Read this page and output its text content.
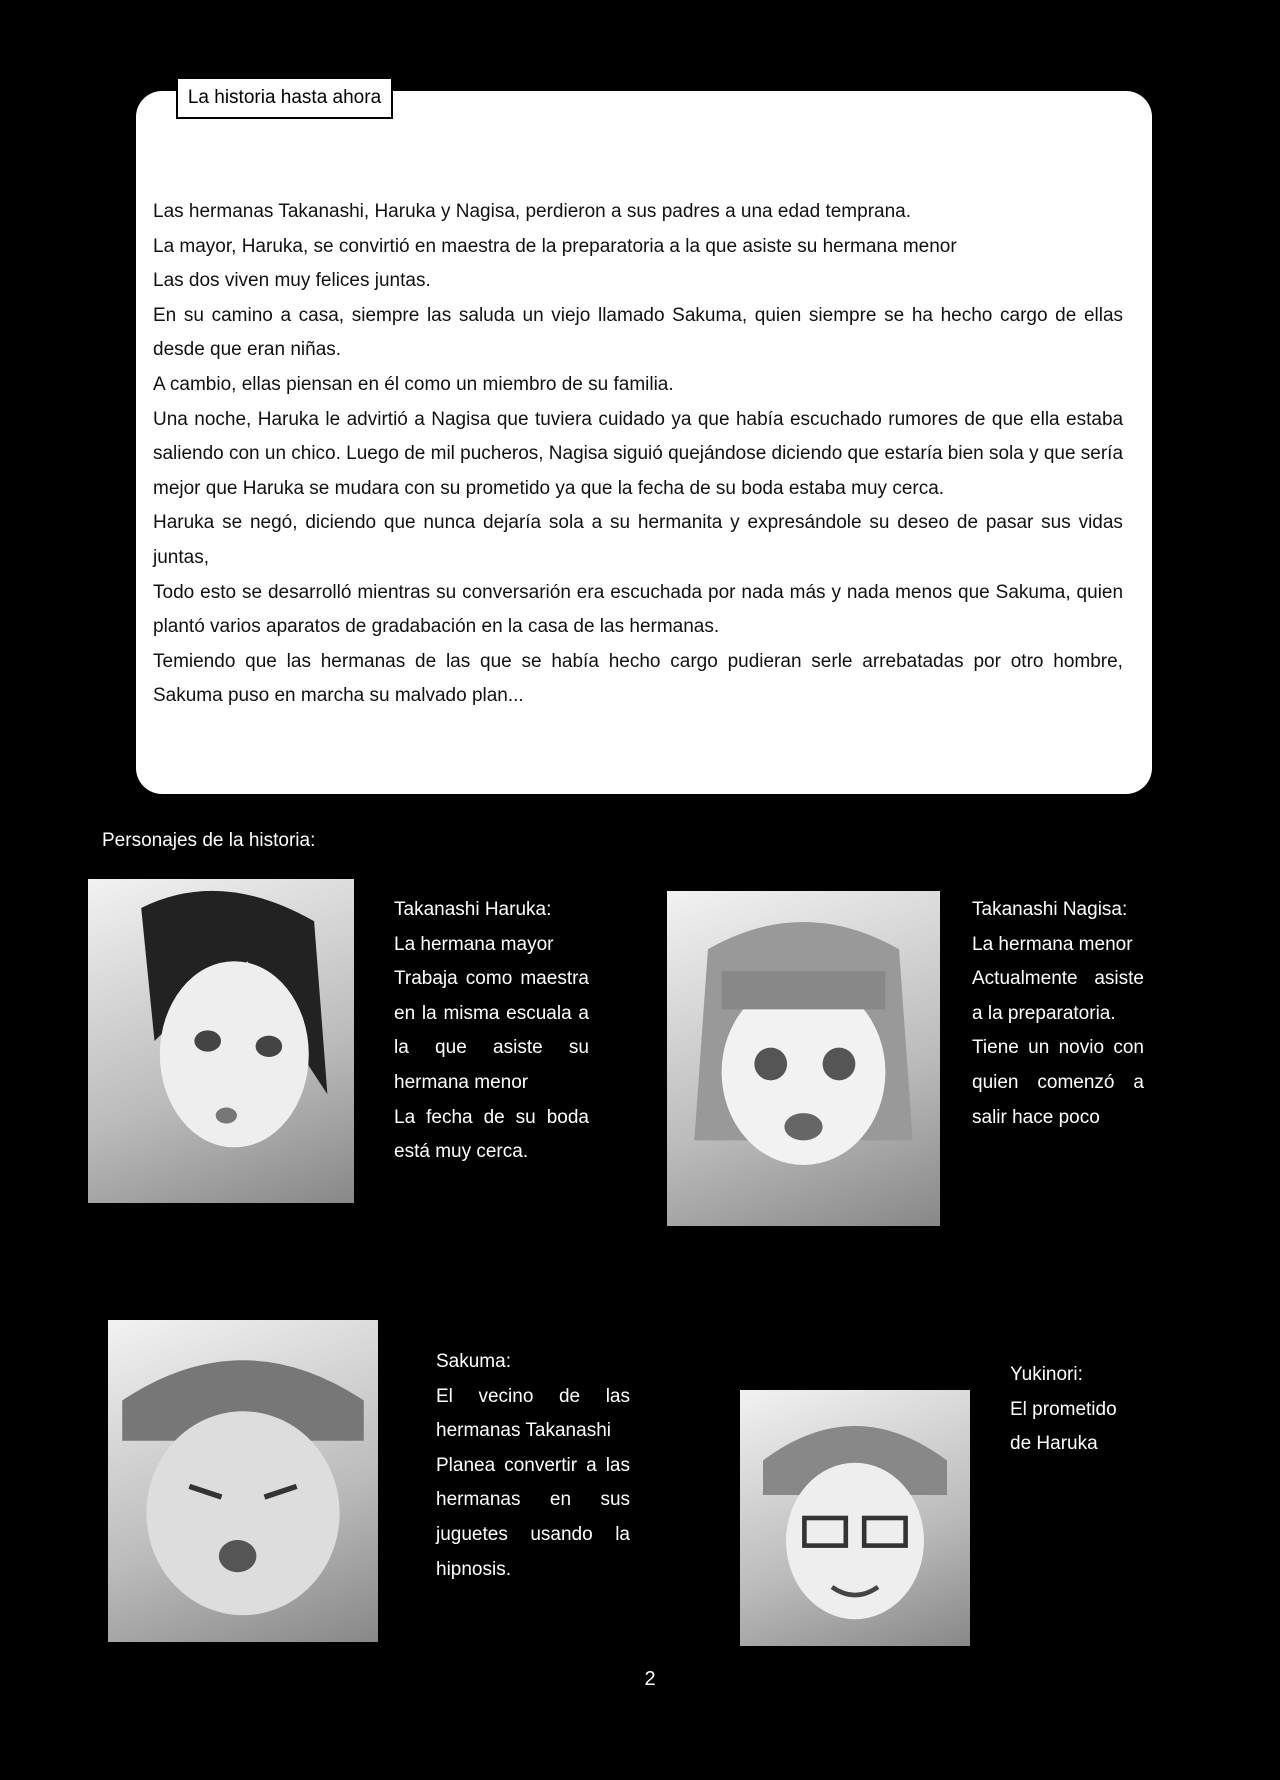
La historia hasta ahora
Las hermanas Takanashi, Haruka y Nagisa, perdieron a sus padres a una edad temprana.
La mayor, Haruka, se convirtió en maestra de la preparatoria a la que asiste su hermana menor
Las dos viven muy felices juntas.
En su camino a casa, siempre las saluda un viejo llamado Sakuma, quien siempre se ha hecho cargo de ellas
desde que eran niñas.
A cambio, ellas piensan en él como un miembro de su familia.
Una noche, Haruka le advirtió a Nagisa que tuviera cuidado ya que había escuchado rumores de que ella estaba
saliendo con un chico. Luego de mil pucheros, Nagisa siguió quejándose diciendo que estaría bien sola y que sería
mejor que Haruka se mudara con su prometido ya que la fecha de su boda estaba muy cerca.
Haruka se negó, diciendo que nunca dejaría sola a su hermanita y expresándole su deseo de pasar sus vidas
juntas,
Todo esto se desarrolló mientras su conversarión era escuchada por nada más y nada menos que Sakuma, quien
plantó varios aparatos de gradabación en la casa de las hermanas.
Temiendo que las hermanas de las que se había hecho cargo pudieran serle arrebatadas por otro hombre,
Sakuma puso en marcha su malvado plan...
Personajes de la historia:
Takanashi Haruka:
La hermana mayor
Trabaja como maestra
en la misma escuala a
la que asiste su
hermana menor
La fecha de su boda
está muy cerca.
Takanashi Nagisa:
La hermana menor
Actualmente asiste
a la preparatoria.
Tiene un novio con
quien comenzó a
salir hace poco
Sakuma:
El vecino de las
hermanas Takanashi
Planea convertir a las
hermanas en sus
juguetes usando la
hipnosis.
Yukinori:
El prometido
de Haruka
2
